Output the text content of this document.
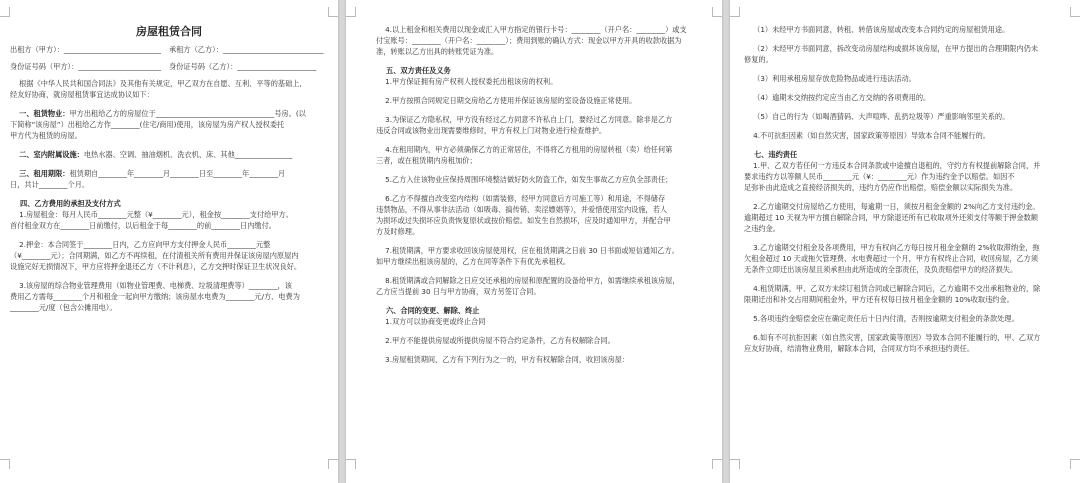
房屋租赁合同
出租方（甲方）：___________________________	承租方（乙方）：____________________________
身份证号码（甲方）：_______________________	身份证号码（乙方）：______________________
根据《中华人民共和国合同法》及其他有关规定，甲乙双方在自愿、互利、平等的基础上,
经友好协商，就房屋租赁事宜达成协议如下：
一、租赁物业：甲方出租给乙方的房屋位于_________________________________号房。(以
下简称“该房屋”）出租给乙方作________(住宅/商用)使用，该房屋为房产权人授权委托
甲方代为租赁的房屋。
二、室内附属设施：电热水器、空调、抽油烟机、洗衣机、床、其他________________
三、租用期限：租赁期自________年________月________日至________年________月
日，共计________个月。
四、乙方费用的承担及支付方式
1.房屋租金：每月人民币________元整（¥________元），租金按________支付给甲方。
首付租金双方在________日前缴付，以后租金于每________的前________日内缴付。
2.押金：本合同签于________日内，乙方应向甲方支付押金人民币________元整
（¥________元）；合同期满，如乙方不再续租，在付清租关所有费用并保证该房屋内原屋内
设施完好无损情况下，甲方应将押金退还乙方（不计利息），乙方交押时保证卫生状况良好。
3.该房屋的综合物业管理费用（如物业管理费、电梯费、垃圾清理费等）________，该
费用乙方需每________个月和租金一起向甲方缴纳；该房屋水电费为________元/方、电费为
________元/度（包含公摊用电）。
4.以上租金和相关费用以现金或汇入甲方指定的银行卡号：________（开户名：________）或支
付宝账号：________（开户名：________）；费用到账的确认方式：现金以甲方开具的收款收据为
准，转账以乙方出具的转账凭证为准。
五、双方责任及义务
1.甲方保证拥有房产权利人授权委托出租该房的权利。
2.甲方按照合同规定日期交房给乙方使用并保证该房屋的室设备设施正常使用。
3.为保证乙方隐私权，甲方没有经过乙方同意不许私自上门，要经过乙方同意。除非是乙方
违反合同或该物业出现需要维修时，甲方有权上门对物业进行检查维护。
4.在租用期内，甲方必须确保乙方的正常居住，不得将乙方租用的房屋转租（卖）给任何第
三者，或在租赁期内房租加价；
5.乙方入住该物业应保持周围环境整洁做好防火防盗工作，如发生事故乙方应负全部责任；
6.乙方不得擅自改变室内结构（如需装修，经甲方同意后方可施工等）和用途，不得储存
违禁物品，不得从事非法活动（如吸毒、搞传销、卖淫嫖娼等），并爱惜使用室内设施，若人
为损坏或过失损坏应负责恢复原状或按价赔偿。如发生自然损坏，应及时通知甲方，并配合甲
方及时修理。
7.租赁期满，甲方要求收回该房屋使用权，应在租赁期满之日前 30 日书面或短信通知乙方。
如甲方继续出租该房屋的，乙方在同等条件下有优先承租权。
8.租赁期满或合同解除之日应交还承租的房屋和原配置的设备给甲方，如需继续承租该房屋，
乙方应当提前 30 日与甲方协商，双方另签订合同。
六、合同的变更、解除、终止
1.双方可以协商变更或终止合同
2.甲方不能提供房屋或所提供房屋不符合约定条件，乙方有权解除合同。
3.房屋租赁期间，乙方有下列行为之一的，甲方有权解除合同，收回该房屋：
（1）未经甲方书面同意，转租、转借该房屋或改变本合同约定的房屋租赁用途。
（2）未经甲方书面同意，拆改变动房屋结构或损坏该房屋，在甲方提出的合理期限内仍未
修复的。
（3）利用承租房屋存放危险物品或进行违法活动。
（4）逾期未交纳按约定应当由乙方交纳的各项费用的。
（5）自己的行为（如喝酒猜码、大声喧哗、乱扔垃圾等）严重影响邻里关系的。
4.不可抗拒因素（如自然灾害，国家政策等原因）导致本合同不能履行的。
七、违约责任
1.甲、乙双方若任何一方违反本合同条款或中途擅自退租的，守约方有权提前解除合同，并
要求违约方以等额人民币________元（¥：________元）作为违约金予以赔偿。如因不
足弥补由此造成之直接经济损失的，违约方仍应作出赔偿，赔偿金额以实际损失为准。
2.乙方逾期交付房屋给乙方使用，每逾期一日，须按月租金金额的 2%向乙方支付违约金。
逾期超过 10 天视为甲方擅自解除合同，甲方除退还所有已收取项外还须支付等额于押金数额
之违约金。
3.乙方逾期交付租金及各项费用，甲方有权向乙方每日按月租金金额的 2%收取滞纳金，拖
欠租金超过 10 天或拖欠管理费、水电费超过一个月，甲方有权终止合同，收回房屋，乙方须
无条件立即迁出该房屋且须承担由此所造成的全部责任，及负责赔偿甲方的经济损失。
4.租赁期满，甲、乙双方未续订租赁合同或已解除合同后，乙方逾期不交出承租物业的，除
限期迁出和补交占用期间租金外，甲方还有权每日按月租金金额的 10%收取违约金。
5.各项违约金赔偿金应在确定责任后十日内付清，否则按逾期支付租金的条款处理。
6.如有不可抗拒因素（如自然灾害，国家政策等原因）导致本合同不能履行的，甲、乙双方
应友好协商，结清物业费用，解除本合同，合同双方均不承担违约责任。
